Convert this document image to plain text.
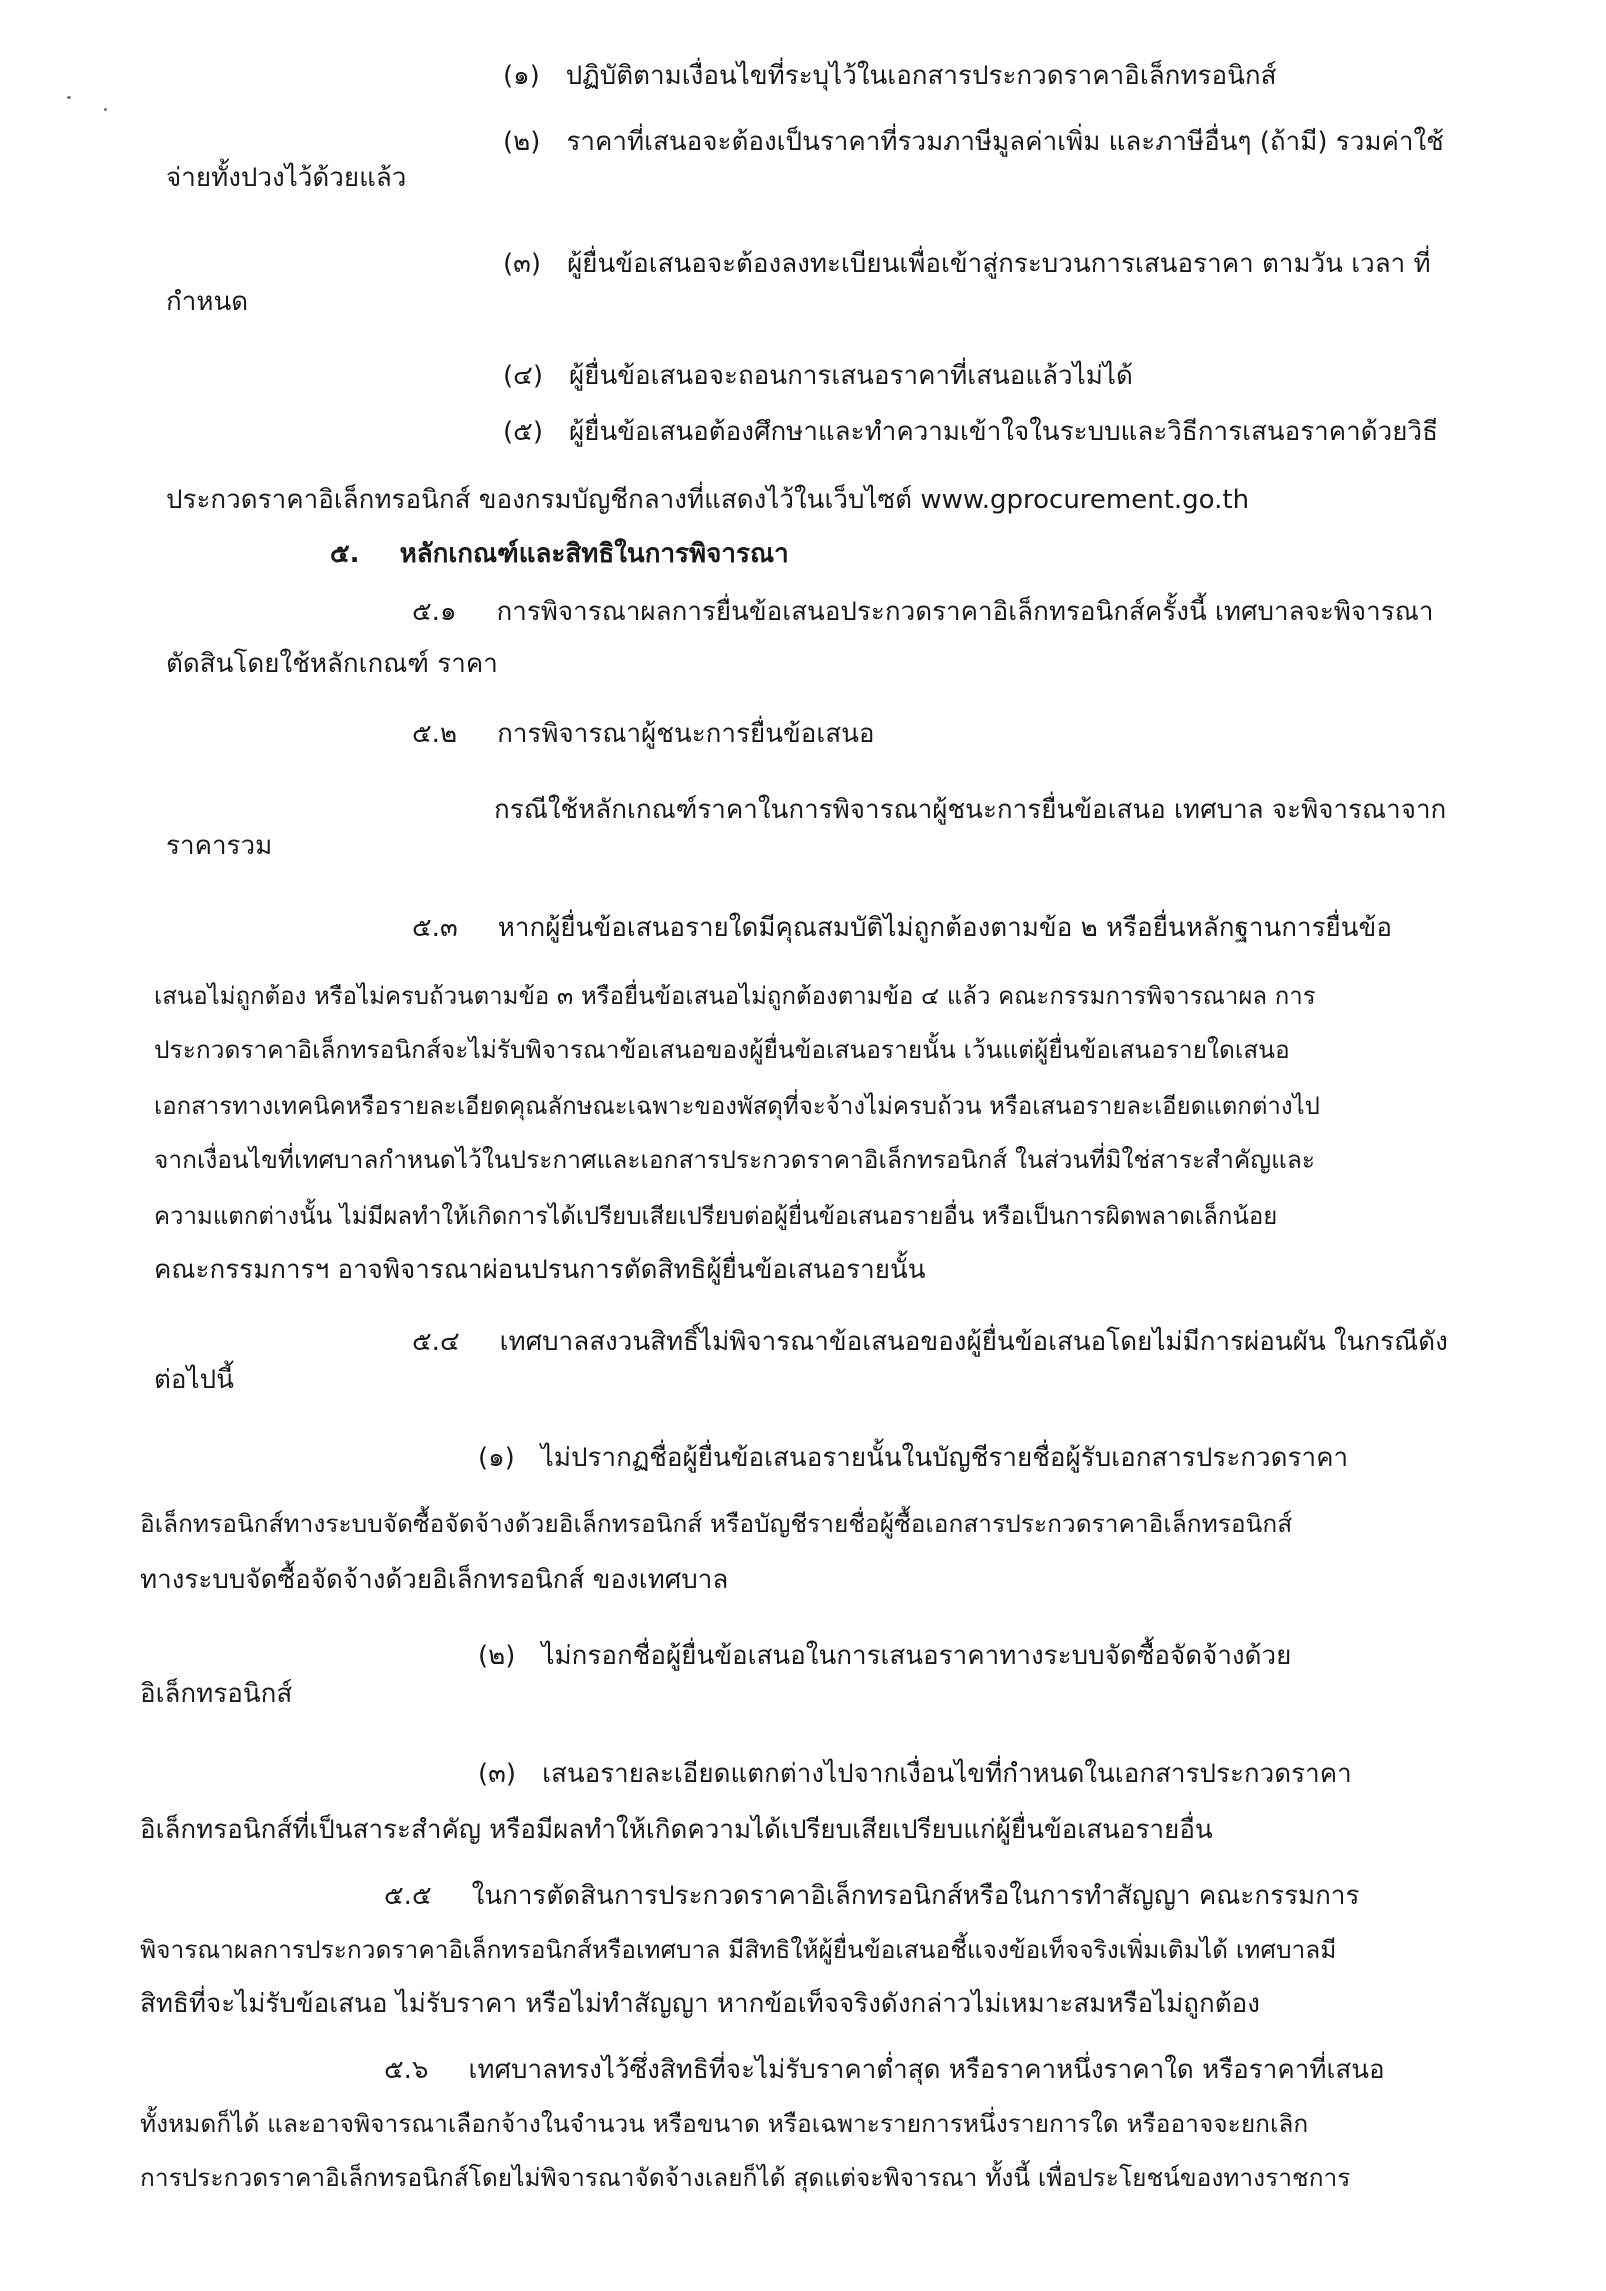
(๑) ปฏิบัติตามเงื่อนไขที่ระบุไว้ในเอกสารประกวดราคาอิเล็กทรอนิกส์
(๒) ราคาที่เสนอจะต้องเป็นราคาที่รวมภาษีมูลค่าเพิ่ม และภาษีอื่นๆ (ถ้ามี) รวมค่าใช้
จ่ายทั้งปวงไว้ด้วยแล้ว
(๓) ผู้ยื่นข้อเสนอจะต้องลงทะเบียนเพื่อเข้าสู่กระบวนการเสนอราคา ตามวัน เวลา ที่
กำหนด
(๔) ผู้ยื่นข้อเสนอจะถอนการเสนอราคาที่เสนอแล้วไม่ได้
(๕) ผู้ยื่นข้อเสนอต้องศึกษาและทำความเข้าใจในระบบและวิธีการเสนอราคาด้วยวิธี
ประกวดราคาอิเล็กทรอนิกส์ ของกรมบัญชีกลางที่แสดงไว้ในเว็บไซต์ www.gprocurement.go.th
๕. หลักเกณฑ์และสิทธิในการพิจารณา
๕.๑ การพิจารณาผลการยื่นข้อเสนอประกวดราคาอิเล็กทรอนิกส์ครั้งนี้ เทศบาลจะพิจารณา
ตัดสินโดยใช้หลักเกณฑ์ ราคา
๕.๒ การพิจารณาผู้ชนะการยื่นข้อเสนอ
กรณีใช้หลักเกณฑ์ราคาในการพิจารณาผู้ชนะการยื่นข้อเสนอ เทศบาล จะพิจารณาจาก
ราคารวม
๕.๓ หากผู้ยื่นข้อเสนอรายใดมีคุณสมบัติไม่ถูกต้องตามข้อ ๒ หรือยื่นหลักฐานการยื่นข้อ
เสนอไม่ถูกต้อง หรือไม่ครบถ้วนตามข้อ ๓ หรือยื่นข้อเสนอไม่ถูกต้องตามข้อ ๔ แล้ว คณะกรรมการพิจารณาผล การ
ประกวดราคาอิเล็กทรอนิกส์จะไม่รับพิจารณาข้อเสนอของผู้ยื่นข้อเสนอรายนั้น เว้นแต่ผู้ยื่นข้อเสนอรายใดเสนอ
เอกสารทางเทคนิคหรือรายละเอียดคุณลักษณะเฉพาะของพัสดุที่จะจ้างไม่ครบถ้วน หรือเสนอรายละเอียดแตกต่างไป
จากเงื่อนไขที่เทศบาลกำหนดไว้ในประกาศและเอกสารประกวดราคาอิเล็กทรอนิกส์ ในส่วนที่มิใช่สาระสำคัญและ
ความแตกต่างนั้น ไม่มีผลทำให้เกิดการได้เปรียบเสียเปรียบต่อผู้ยื่นข้อเสนอรายอื่น หรือเป็นการผิดพลาดเล็กน้อย
คณะกรรมการฯ อาจพิจารณาผ่อนปรนการตัดสิทธิผู้ยื่นข้อเสนอรายนั้น
๕.๔ เทศบาลสงวนสิทธิ์ไม่พิจารณาข้อเสนอของผู้ยื่นข้อเสนอโดยไม่มีการผ่อนผัน ในกรณีดัง
ต่อไปนี้
(๑) ไม่ปรากฏชื่อผู้ยื่นข้อเสนอรายนั้นในบัญชีรายชื่อผู้รับเอกสารประกวดราคา
อิเล็กทรอนิกส์ทางระบบจัดซื้อจัดจ้างด้วยอิเล็กทรอนิกส์ หรือบัญชีรายชื่อผู้ซื้อเอกสารประกวดราคาอิเล็กทรอนิกส์
ทางระบบจัดซื้อจัดจ้างด้วยอิเล็กทรอนิกส์ ของเทศบาล
(๒) ไม่กรอกชื่อผู้ยื่นข้อเสนอในการเสนอราคาทางระบบจัดซื้อจัดจ้างด้วย
อิเล็กทรอนิกส์
(๓) เสนอรายละเอียดแตกต่างไปจากเงื่อนไขที่กำหนดในเอกสารประกวดราคา
อิเล็กทรอนิกส์ที่เป็นสาระสำคัญ หรือมีผลทำให้เกิดความได้เปรียบเสียเปรียบแก่ผู้ยื่นข้อเสนอรายอื่น
๕.๕ ในการตัดสินการประกวดราคาอิเล็กทรอนิกส์หรือในการทำสัญญา คณะกรรมการ
พิจารณาผลการประกวดราคาอิเล็กทรอนิกส์หรือเทศบาล มีสิทธิให้ผู้ยื่นข้อเสนอชี้แจงข้อเท็จจริงเพิ่มเติมได้ เทศบาลมี
สิทธิที่จะไม่รับข้อเสนอ ไม่รับราคา หรือไม่ทำสัญญา หากข้อเท็จจริงดังกล่าวไม่เหมาะสมหรือไม่ถูกต้อง
๕.๖ เทศบาลทรงไว้ซึ่งสิทธิที่จะไม่รับราคาต่ำสุด หรือราคาหนึ่งราคาใด หรือราคาที่เสนอ
ทั้งหมดก็ได้ และอาจพิจารณาเลือกจ้างในจำนวน หรือขนาด หรือเฉพาะรายการหนึ่งรายการใด หรืออาจจะยกเลิก
การประกวดราคาอิเล็กทรอนิกส์โดยไม่พิจารณาจัดจ้างเลยก็ได้ สุดแต่จะพิจารณา ทั้งนี้ เพื่อประโยชน์ของทางราชการ
